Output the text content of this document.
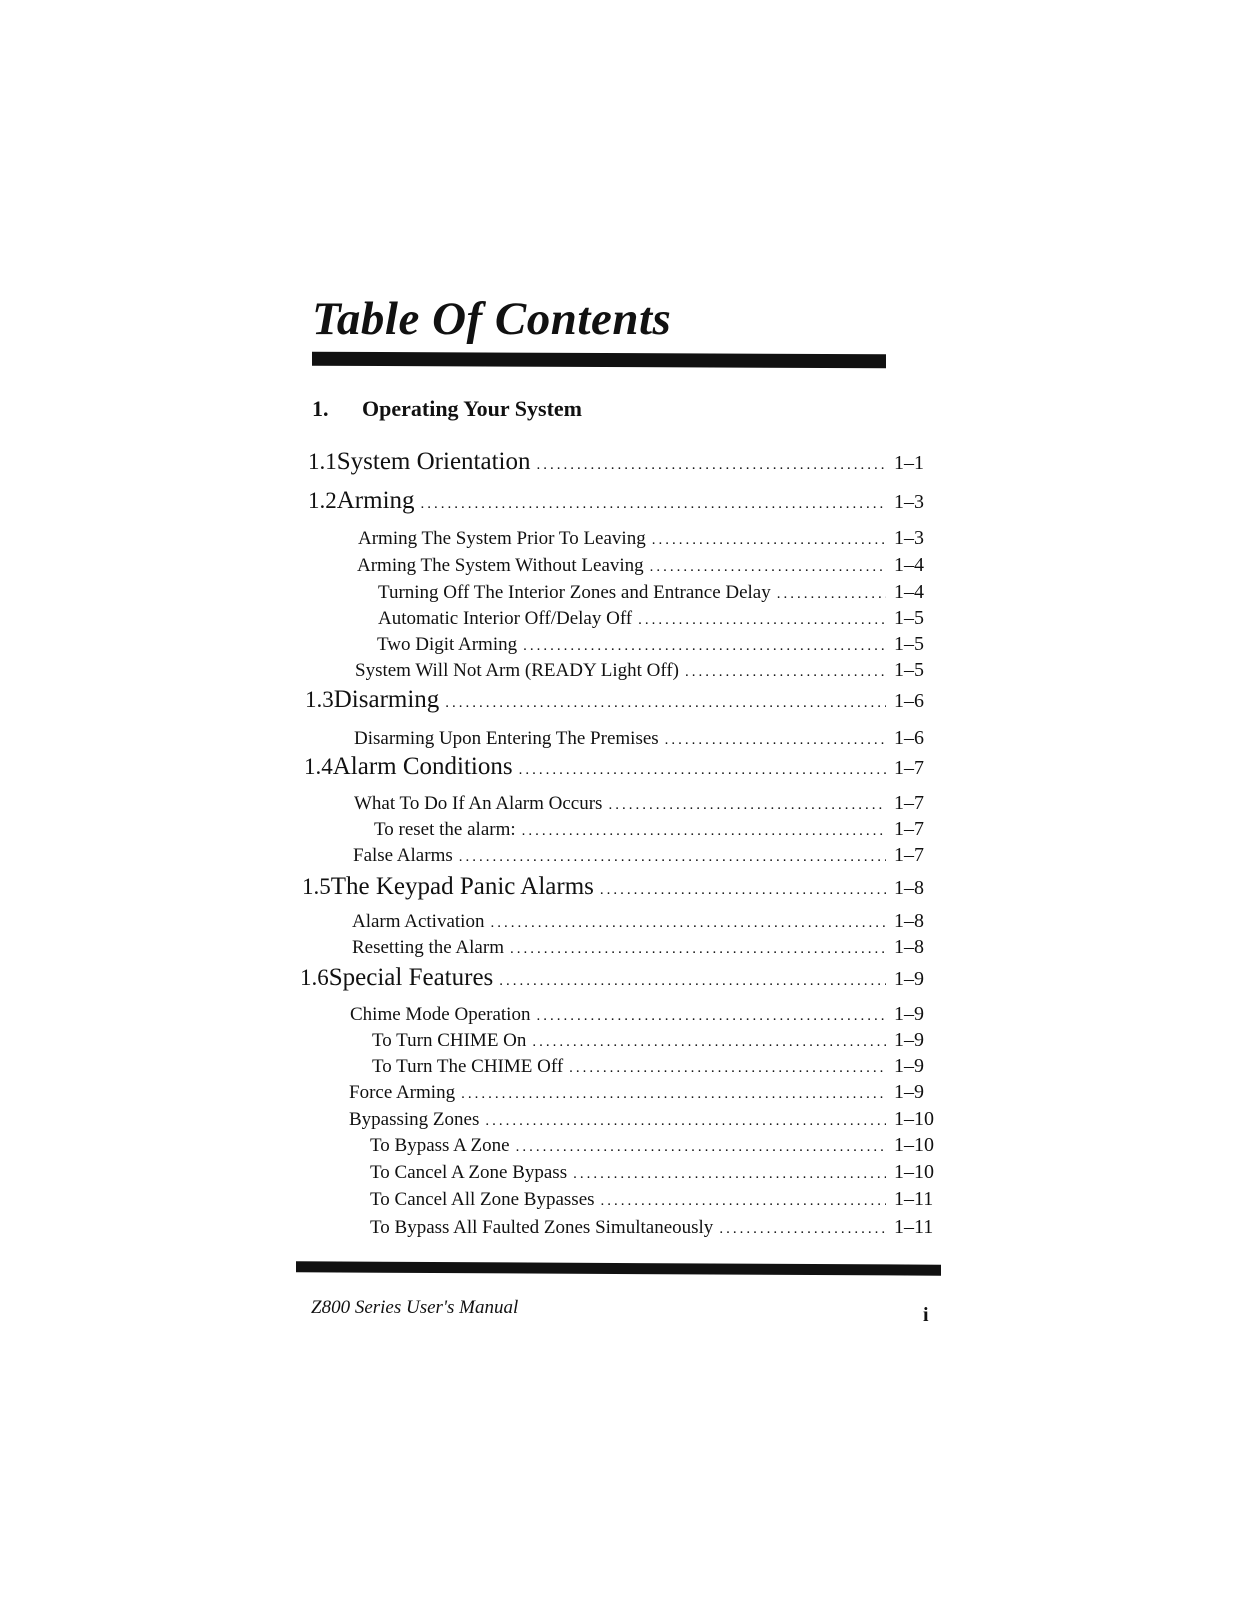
Table Of Contents
1. Operating Your System
1.1 System Orientation .....	1–1
1.2 Arming .....	1–3
Arming The System Prior To Leaving .....	1–3
Arming The System Without Leaving .....	1–4
Turning Off The Interior Zones and Entrance Delay .....	1–4
Automatic Interior Off/Delay Off .....	1–5
Two Digit Arming .....	1–5
System Will Not Arm (READY Light Off) .....	1–5
1.3 Disarming .....	1–6
Disarming Upon Entering The Premises .....	1–6
1.4 Alarm Conditions .....	1–7
What To Do If An Alarm Occurs .....	1–7
To reset the alarm: .....	1–7
False Alarms .....	1–7
1.5 The Keypad Panic Alarms .....	1–8
Alarm Activation .....	1–8
Resetting the Alarm .....	1–8
1.6 Special Features .....	1–9
Chime Mode Operation .....	1–9
To Turn CHIME On .....	1–9
To Turn The CHIME Off .....	1–9
Force Arming .....	1–9
Bypassing Zones .....	1–10
To Bypass A Zone .....	1–10
To Cancel A Zone Bypass .....	1–10
To Cancel All Zone Bypasses .....	1–11
To Bypass All Faulted Zones Simultaneously .....	1–11
Z800 Series User's Manual	i
